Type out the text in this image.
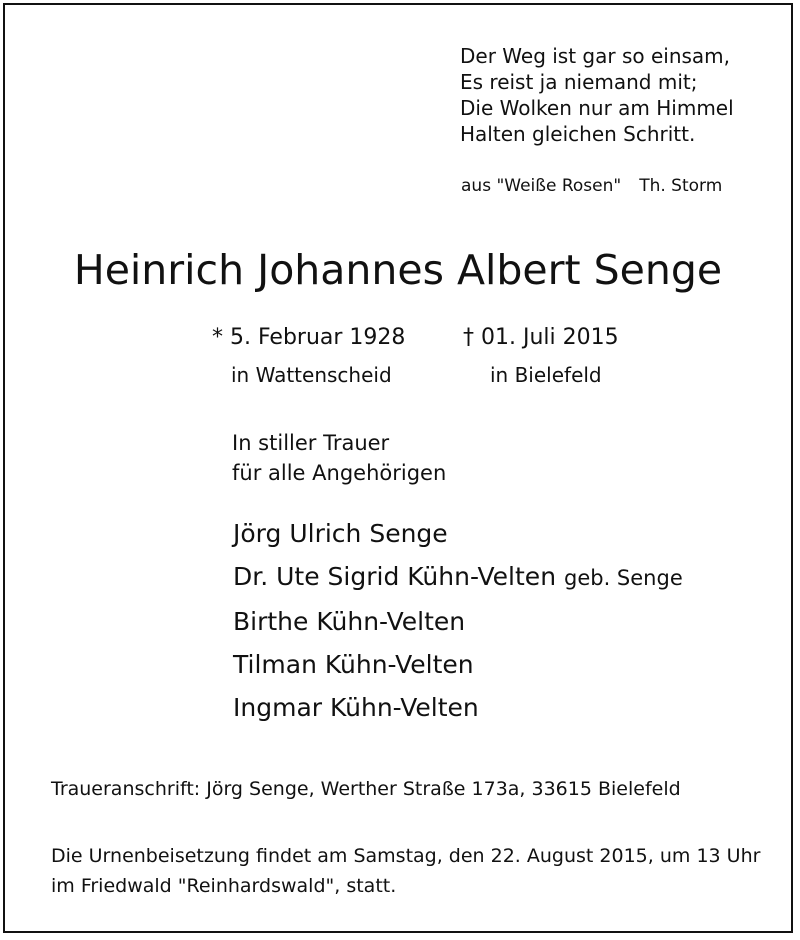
Der Weg ist gar so einsam,
Es reist ja niemand mit;
Die Wolken nur am Himmel
Halten gleichen Schritt.
aus "Weiße Rosen" Th. Storm
Heinrich Johannes Albert Senge
* 5. Februar 1928	† 01. Juli 2015
in Wattenscheid	in Bielefeld
In stiller Trauer
für alle Angehörigen
Jörg Ulrich Senge
Dr. Ute Sigrid Kühn-Velten geb. Senge
Birthe Kühn-Velten
Tilman Kühn-Velten
Ingmar Kühn-Velten
Traueranschrift: Jörg Senge, Werther Straße 173a, 33615 Bielefeld
Die Urnenbeisetzung findet am Samstag, den 22. August 2015, um 13 Uhr im Friedwald "Reinhardswald", statt.
